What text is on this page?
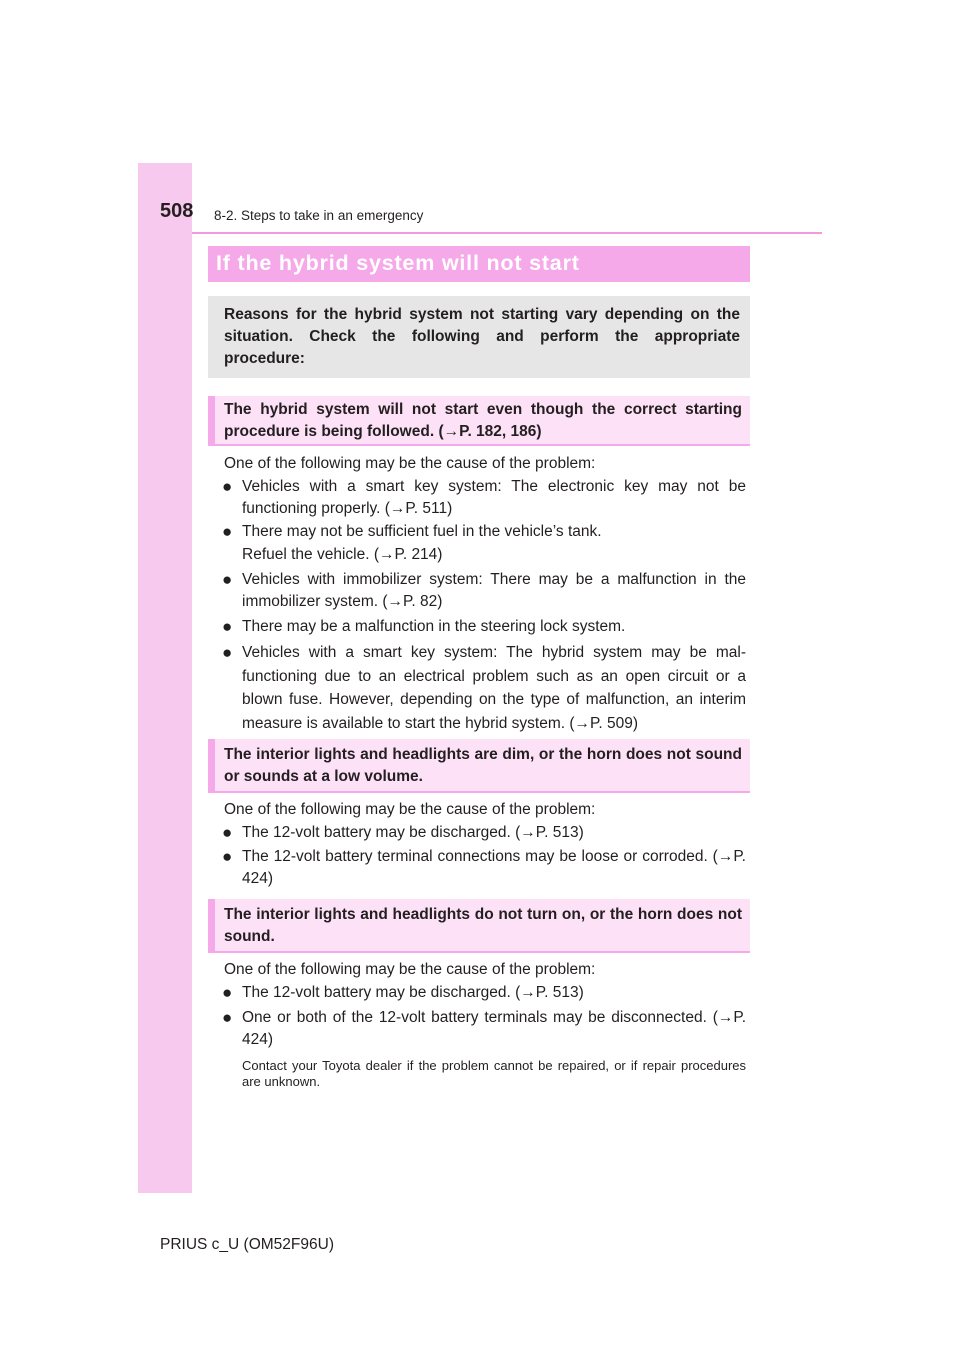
508 8-2. Steps to take in an emergency
If the hybrid system will not start

Reasons for the hybrid system not starting vary depending on the situation. Check the following and perform the appropriate procedure:

The hybrid system will not start even though the correct starting procedure is being followed. (→P. 182, 186)
One of the following may be the cause of the problem:
● Vehicles with a smart key system: The electronic key may not be functioning properly. (→P. 511)
● There may not be sufficient fuel in the vehicle’s tank.
Refuel the vehicle. (→P. 214)
● Vehicles with immobilizer system: There may be a malfunction in the immobilizer system. (→P. 82)
● There may be a malfunction in the steering lock system.
● Vehicles with a smart key system: The hybrid system may be mal-functioning due to an electrical problem such as an open circuit or a blown fuse. However, depending on the type of malfunction, an interim measure is available to start the hybrid system. (→P. 509)
The interior lights and headlights are dim, or the horn does not sound or sounds at a low volume.
One of the following may be the cause of the problem:
● The 12-volt battery may be discharged. (→P. 513)
● The 12-volt battery terminal connections may be loose or corroded. (→P. 424)
The interior lights and headlights do not turn on, or the horn does not sound.
One of the following may be the cause of the problem:
● The 12-volt battery may be discharged. (→P. 513)
● One or both of the 12-volt battery terminals may be disconnected. (→P. 424)
Contact your Toyota dealer if the problem cannot be repaired, or if repair procedures are unknown.
PRIUS c_U (OM52F96U)
